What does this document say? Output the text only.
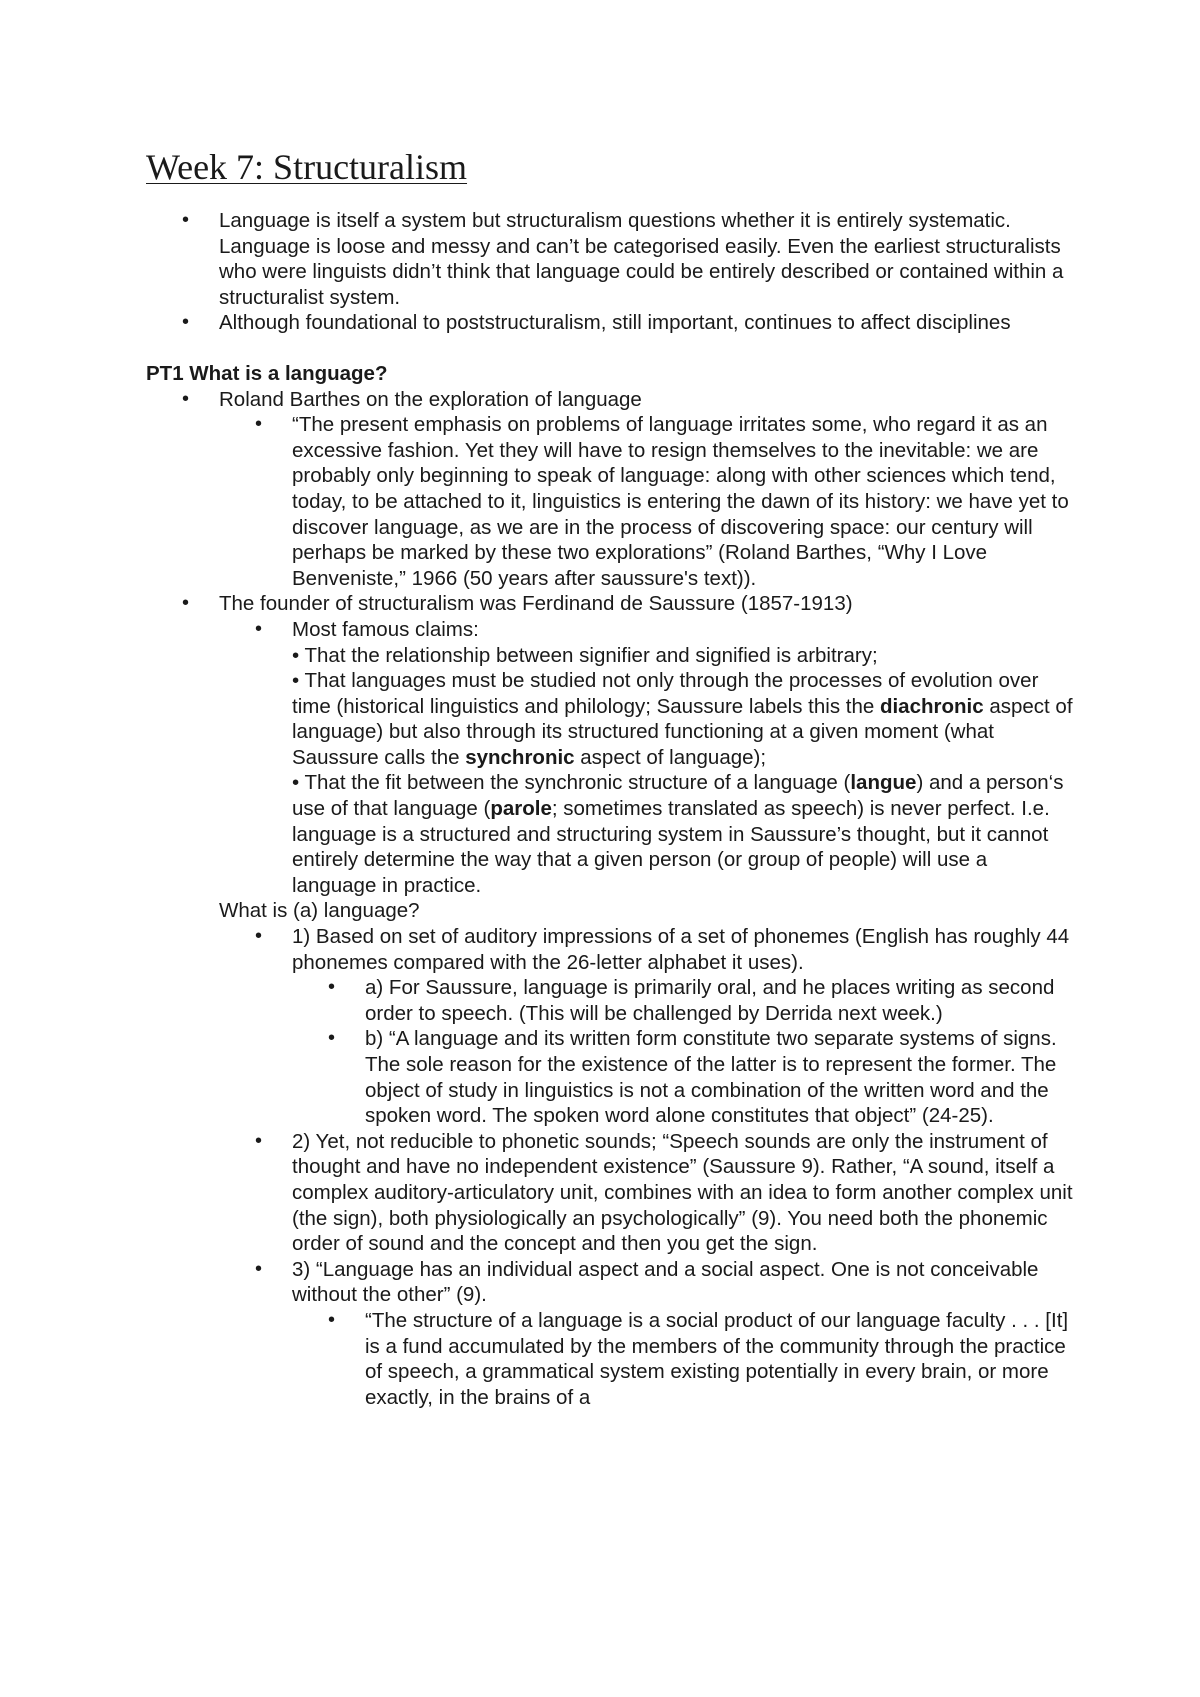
Week 7: Structuralism
• Language is itself a system but structuralism questions whether it is entirely systematic. Language is loose and messy and can’t be categorised easily. Even the earliest structuralists who were linguists didn’t think that language could be entirely described or contained within a structuralist system.
• Although foundational to poststructuralism, still important, continues to affect disciplines
PT1 What is a language?
• Roland Barthes on the exploration of language
• “The present emphasis on problems of language irritates some, who regard it as an excessive fashion. Yet they will have to resign themselves to the inevitable: we are probably only beginning to speak of language: along with other sciences which tend, today, to be attached to it, linguistics is entering the dawn of its history: we have yet to discover language, as we are in the process of discovering space: our century will perhaps be marked by these two explorations” (Roland Barthes, “Why I Love Benveniste,” 1966 (50 years after saussure's text)).
• The founder of structuralism was Ferdinand de Saussure (1857-1913)
• Most famous claims:
• That the relationship between signifier and signified is arbitrary;
• That languages must be studied not only through the processes of evolution over time (historical linguistics and philology; Saussure labels this the diachronic aspect of language) but also through its structured functioning at a given moment (what Saussure calls the synchronic aspect of language);
• That the fit between the synchronic structure of a language (langue) and a person‘s use of that language (parole; sometimes translated as speech) is never perfect. I.e. language is a structured and structuring system in Saussure’s thought, but it cannot entirely determine the way that a given person (or group of people) will use a language in practice.
What is (a) language?
• 1) Based on set of auditory impressions of a set of phonemes (English has roughly 44 phonemes compared with the 26-letter alphabet it uses).
• a) For Saussure, language is primarily oral, and he places writing as second order to speech. (This will be challenged by Derrida next week.)
• b) “A language and its written form constitute two separate systems of signs. The sole reason for the existence of the latter is to represent the former. The object of study in linguistics is not a combination of the written word and the spoken word. The spoken word alone constitutes that object” (24-25).
• 2) Yet, not reducible to phonetic sounds; “Speech sounds are only the instrument of thought and have no independent existence” (Saussure 9). Rather, “A sound, itself a complex auditory-articulatory unit, combines with an idea to form another complex unit (the sign), both physiologically an psychologically” (9). You need both the phonemic order of sound and the concept and then you get the sign.
• 3) “Language has an individual aspect and a social aspect. One is not conceivable without the other” (9).
• “The structure of a language is a social product of our language faculty . . . [It] is a fund accumulated by the members of the community through the practice of speech, a grammatical system existing potentially in every brain, or more exactly, in the brains of a
